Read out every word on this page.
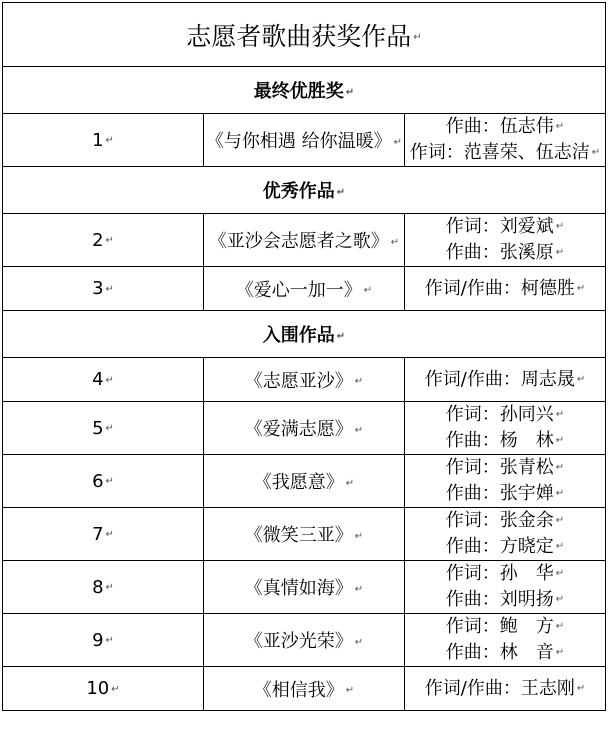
志愿者歌曲获奖作品 ↵		
最终优胜奖 ↵		
1 ↵	《与你相遇 给你温暖》 ↵	作曲：伍志伟 ↵
作词：范喜荣、伍志洁 ↵

优秀作品 ↵		
2 ↵	《亚沙会志愿者之歌》 ↵	作词：刘爱斌 ↵
作曲：张溪原 ↵

3 ↵	《爱心一加一》 ↵	作词/作曲：柯德胜 ↵

入围作品 ↵		
4 ↵	《志愿亚沙》 ↵	作词/作曲：周志晟 ↵

5 ↵	《爱满志愿》 ↵	作词：孙同兴 ↵
作曲：杨　林 ↵

6 ↵	《我愿意》 ↵	作词：张青松 ↵
作曲：张宇婵 ↵

7 ↵	《微笑三亚》 ↵	作词：张金余 ↵
作曲：方晓定 ↵

8 ↵	《真情如海》 ↵	作词：孙　华 ↵
作曲：刘明扬 ↵

9 ↵	《亚沙光荣》 ↵	作词：鲍　方 ↵
作曲：林　音 ↵

10 ↵	《相信我》 ↵	作词/作曲：王志刚 ↵
